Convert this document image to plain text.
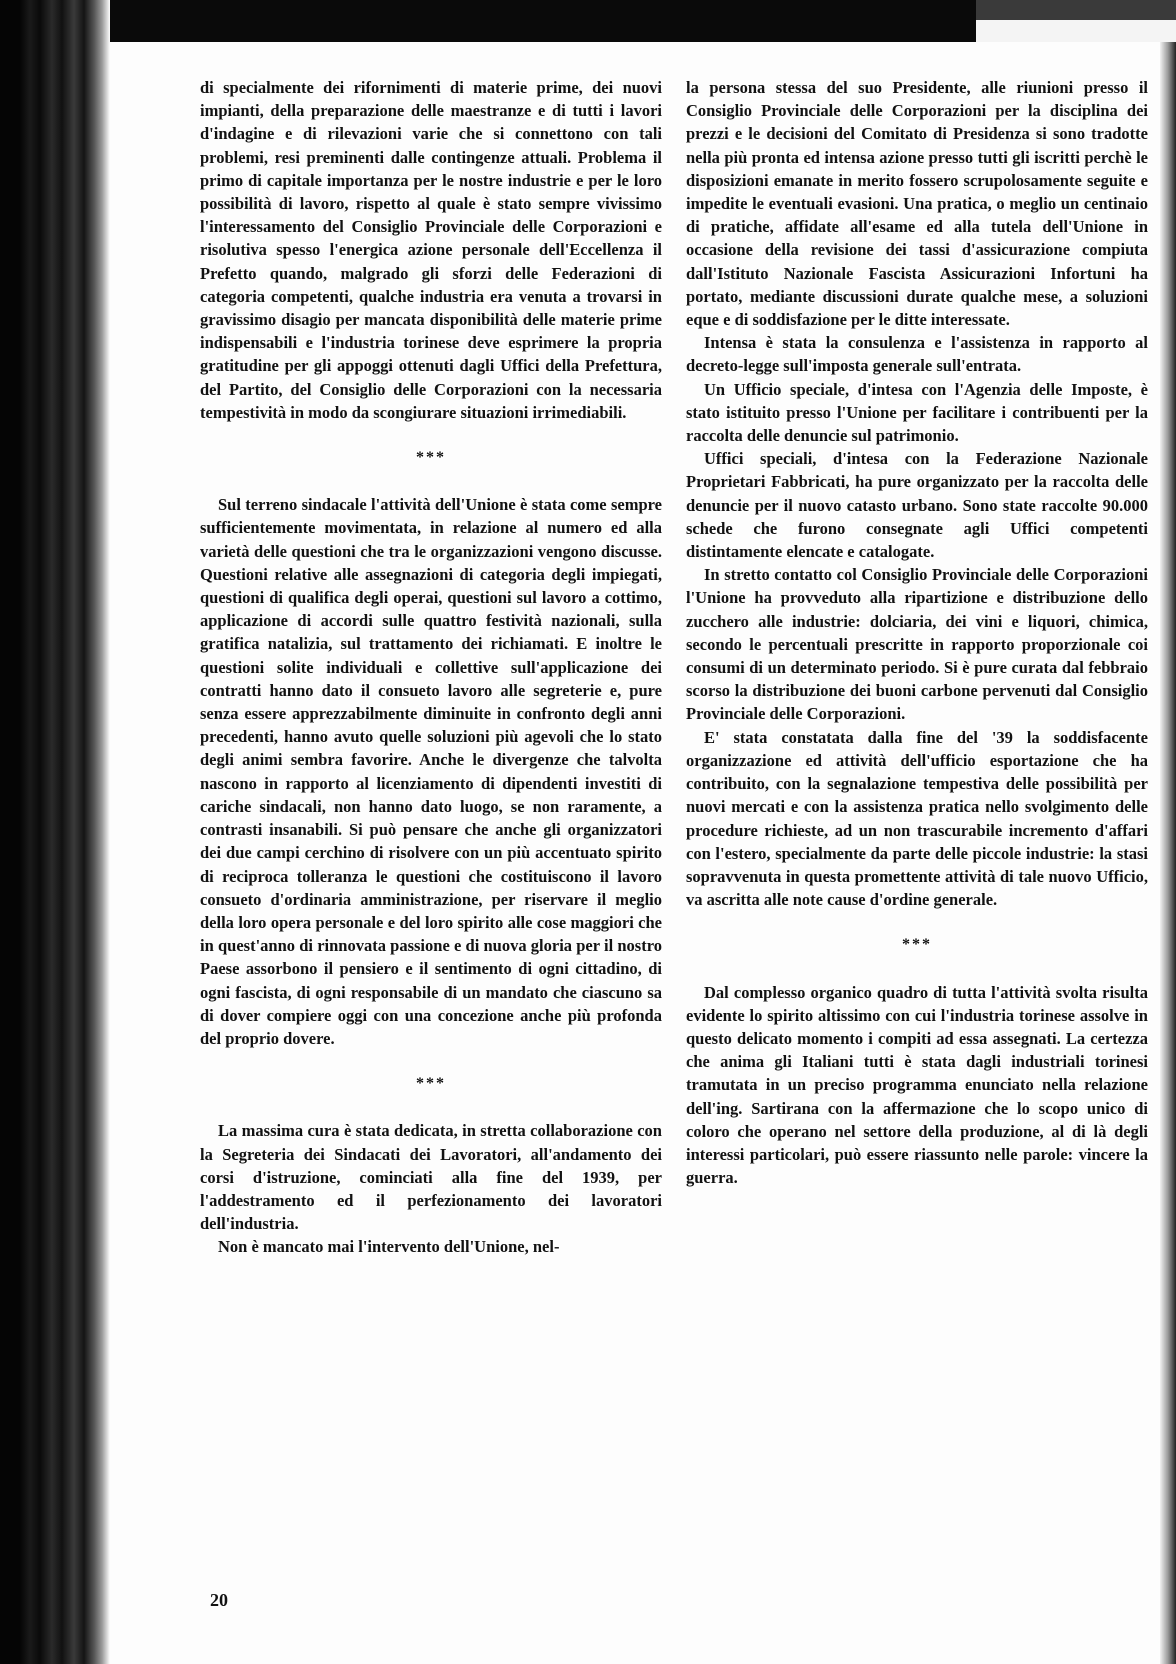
di specialmente dei rifornimenti di materie prime, dei nuovi impianti, della preparazione delle maestranze e di tutti i lavori d'indagine e di rilevazioni varie che si connettono con tali problemi, resi preminenti dalle contingenze attuali. Problema il primo di capitale importanza per le nostre industrie e per le loro possibilità di lavoro, rispetto al quale è stato sempre vivissimo l'interessamento del Consiglio Provinciale delle Corporazioni e risolutiva spesso l'energica azione personale dell'Eccellenza il Prefetto quando, malgrado gli sforzi delle Federazioni di categoria competenti, qualche industria era venuta a trovarsi in gravissimo disagio per mancata disponibilità delle materie prime indispensabili e l'industria torinese deve esprimere la propria gratitudine per gli appoggi ottenuti dagli Uffici della Prefettura, del Partito, del Consiglio delle Corporazioni con la necessaria tempestività in modo da scongiurare situazioni irrimediabili.

***

Sul terreno sindacale l'attività dell'Unione è stata come sempre sufficientemente movimentata, in relazione al numero ed alla varietà delle questioni che tra le organizzazioni vengono discusse. Questioni relative alle assegnazioni di categoria degli impiegati, questioni di qualifica degli operai, questioni sul lavoro a cottimo, applicazione di accordi sulle quattro festività nazionali, sulla gratifica natalizia, sul trattamento dei richiamati. E inoltre le questioni solite individuali e collettive sull'applicazione dei contratti hanno dato il consueto lavoro alle segreterie e, pure senza essere apprezzabilmente diminuite in confronto degli anni precedenti, hanno avuto quelle soluzioni più agevoli che lo stato degli animi sembra favorire. Anche le divergenze che talvolta nascono in rapporto al licenziamento di dipendenti investiti di cariche sindacali, non hanno dato luogo, se non raramente, a contrasti insanabili. Si può pensare che anche gli organizzatori dei due campi cerchino di risolvere con un più accentuato spirito di reciproca tolleranza le questioni che costituiscono il lavoro consueto d'ordinaria amministrazione, per riservare il meglio della loro opera personale e del loro spirito alle cose maggiori che in quest'anno di rinnovata passione e di nuova gloria per il nostro Paese assorbono il pensiero e il sentimento di ogni cittadino, di ogni fascista, di ogni responsabile di un mandato che ciascuno sa di dover compiere oggi con una concezione anche più profonda del proprio dovere.

***

La massima cura è stata dedicata, in stretta collaborazione con la Segreteria dei Sindacati dei Lavoratori, all'andamento dei corsi d'istruzione, cominciati alla fine del 1939, per l'addestramento ed il perfezionamento dei lavoratori dell'industria.

Non è mancato mai l'intervento dell'Unione, nel-

la persona stessa del suo Presidente, alle riunioni presso il Consiglio Provinciale delle Corporazioni per la disciplina dei prezzi e le decisioni del Comitato di Presidenza si sono tradotte nella più pronta ed intensa azione presso tutti gli iscritti perchè le disposizioni emanate in merito fossero scrupolosamente seguite e impedite le eventuali evasioni. Una pratica, o meglio un centinaio di pratiche, affidate all'esame ed alla tutela dell'Unione in occasione della revisione dei tassi d'assicurazione compiuta dall'Istituto Nazionale Fascista Assicurazioni Infortuni ha portato, mediante discussioni durate qualche mese, a soluzioni eque e di soddisfazione per le ditte interessate.

Intensa è stata la consulenza e l'assistenza in rapporto al decreto-legge sull'imposta generale sull'entrata.

Un Ufficio speciale, d'intesa con l'Agenzia delle Imposte, è stato istituito presso l'Unione per facilitare i contribuenti per la raccolta delle denuncie sul patrimonio.

Uffici speciali, d'intesa con la Federazione Nazionale Proprietari Fabbricati, ha pure organizzato per la raccolta delle denuncie per il nuovo catasto urbano. Sono state raccolte 90.000 schede che furono consegnate agli Uffici competenti distintamente elencate e catalogate.

In stretto contatto col Consiglio Provinciale delle Corporazioni l'Unione ha provveduto alla ripartizione e distribuzione dello zucchero alle industrie: dolciaria, dei vini e liquori, chimica, secondo le percentuali prescritte in rapporto proporzionale coi consumi di un determinato periodo. Si è pure curata dal febbraio scorso la distribuzione dei buoni carbone pervenuti dal Consiglio Provinciale delle Corporazioni.

E' stata constatata dalla fine del '39 la soddisfacente organizzazione ed attività dell'ufficio esportazione che ha contribuito, con la segnalazione tempestiva delle possibilità per nuovi mercati e con la assistenza pratica nello svolgimento delle procedure richieste, ad un non trascurabile incremento d'affari con l'estero, specialmente da parte delle piccole industrie: la stasi sopravvenuta in questa promettente attività di tale nuovo Ufficio, va ascritta alle note cause d'ordine generale.

***

Dal complesso organico quadro di tutta l'attività svolta risulta evidente lo spirito altissimo con cui l'industria torinese assolve in questo delicato momento i compiti ad essa assegnati. La certezza che anima gli Italiani tutti è stata dagli industriali torinesi tramutata in un preciso programma enunciato nella relazione dell'ing. Sartirana con la affermazione che lo scopo unico di coloro che operano nel settore della produzione, al di là degli interessi particolari, può essere riassunto nelle parole: vincere la guerra.

20
